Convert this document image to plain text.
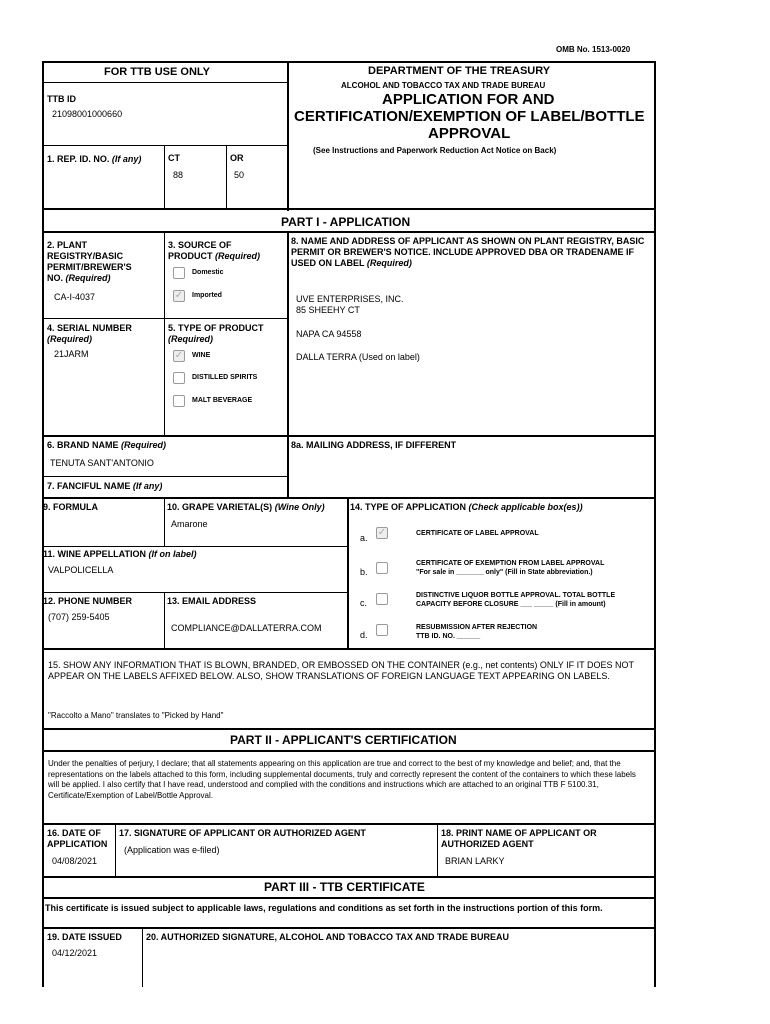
OMB No. 1513-0020
FOR TTB USE ONLY
TTB ID
21098001000660
DEPARTMENT OF THE TREASURY
ALCOHOL AND TOBACCO TAX AND TRADE BUREAU
APPLICATION FOR AND
CERTIFICATION/EXEMPTION OF LABEL/BOTTLE
APPROVAL
(See Instructions and Paperwork Reduction Act Notice on Back)
1. REP. ID. NO. (If any)	CT
88
OR
50
PART I - APPLICATION
2. PLANT
REGISTRY/BASIC
PERMIT/BREWER'S
NO. (Required)
CA-I-4037
3. SOURCE OF
PRODUCT (Required)
Domestic
✓ Imported
8. NAME AND ADDRESS OF APPLICANT AS SHOWN ON PLANT REGISTRY, BASIC PERMIT OR BREWER'S NOTICE. INCLUDE APPROVED DBA OR TRADENAME IF USED ON LABEL (Required)
UVE ENTERPRISES, INC.
85 SHEEHY CT
NAPA CA 94558
DALLA TERRA (Used on label)
4. SERIAL NUMBER
(Required)
21JARM
5. TYPE OF PRODUCT
(Required)
✓ WINE
DISTILLED SPIRITS
MALT BEVERAGE
6. BRAND NAME (Required)
TENUTA SANT'ANTONIO
8a. MAILING ADDRESS, IF DIFFERENT
7. FANCIFUL NAME (If any)
9. FORMULA	10. GRAPE VARIETAL(S) (Wine Only)
Amarone
14. TYPE OF APPLICATION (Check applicable box(es))
a. ✓	CERTIFICATE OF LABEL APPROVAL
b.
CERTIFICATE OF EXEMPTION FROM LABEL APPROVAL
"For sale in _______ only" (Fill in State abbreviation.)
c.
DISTINCTIVE LIQUOR BOTTLE APPROVAL. TOTAL BOTTLE
CAPACITY BEFORE CLOSURE ___ _____ (Fill in amount)
d.
RESUBMISSION AFTER REJECTION
TTB ID. NO. ______
11. WINE APPELLATION (If on label)
VALPOLICELLA
12. PHONE NUMBER
(707) 259-5405
13. EMAIL ADDRESS
COMPLIANCE@DALLATERRA.COM
15. SHOW ANY INFORMATION THAT IS BLOWN, BRANDED, OR EMBOSSED ON THE CONTAINER (e.g., net contents) ONLY IF IT DOES NOT APPEAR ON THE LABELS AFFIXED BELOW. ALSO, SHOW TRANSLATIONS OF FOREIGN LANGUAGE TEXT APPEARING ON LABELS.
"Raccolto a Mano" translates to "Picked by Hand"
PART II - APPLICANT'S CERTIFICATION
Under the penalties of perjury, I declare; that all statements appearing on this application are true and correct to the best of my knowledge and belief; and, that the representations on the labels attached to this form, including supplemental documents, truly and correctly represent the content of the containers to which these labels will be applied. I also certify that I have read, understood and complied with the conditions and instructions which are attached to an original TTB F 5100.31, Certificate/Exemption of Label/Bottle Approval.
16. DATE OF
APPLICATION
04/08/2021
17. SIGNATURE OF APPLICANT OR AUTHORIZED AGENT
(Application was e-filed)
18. PRINT NAME OF APPLICANT OR
AUTHORIZED AGENT
BRIAN LARKY
PART III - TTB CERTIFICATE
This certificate is issued subject to applicable laws, regulations and conditions as set forth in the instructions portion of this form.
19. DATE ISSUED
04/12/2021
20. AUTHORIZED SIGNATURE, ALCOHOL AND TOBACCO TAX AND TRADE BUREAU
